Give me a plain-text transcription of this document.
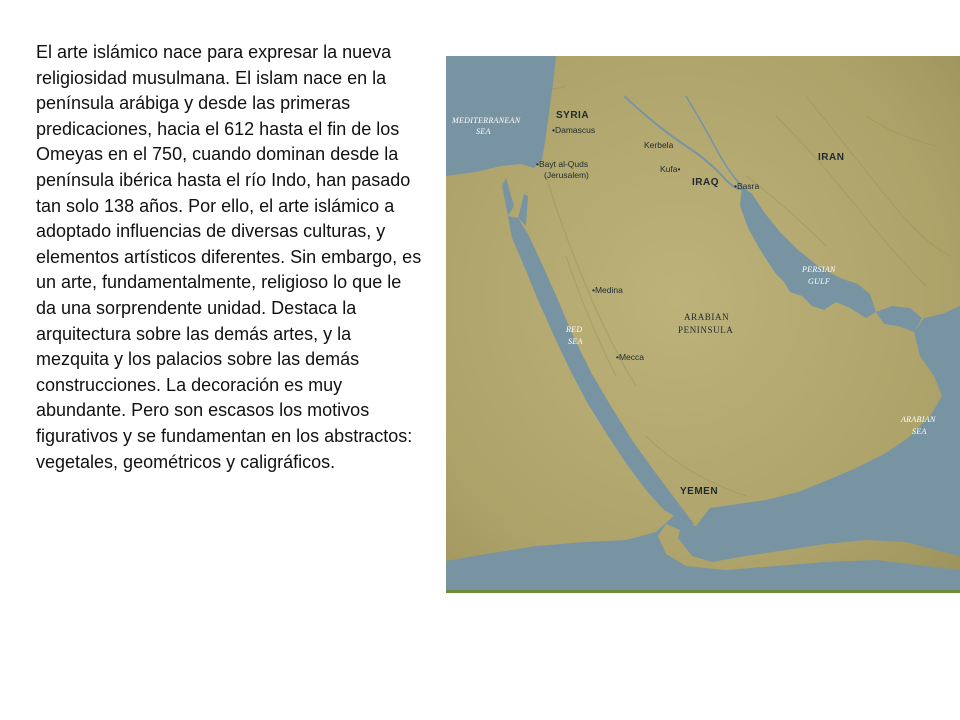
El arte islámico nace para expresar la nueva religiosidad musulmana. El islam nace en la península arábiga y desde las primeras predicaciones, hacia el 612 hasta el fin de los Omeyas en el 750, cuando dominan desde la península ibérica hasta el río Indo, han pasado tan solo 138 años. Por ello, el arte islámico a adoptado influencias de diversas culturas, y elementos artísticos diferentes. Sin embargo, es un arte, fundamentalmente, religioso lo que le da una sorprendente unidad. Destaca la arquitectura sobre las demás artes, y la mezquita y los palacios sobre las demás construcciones. La decoración es muy abundante. Pero son escasos los motivos figurativos y se fundamentan en los abstractos: vegetales, geométricos y caligráficos.

MEDITERRANEAN
SEA
RED
SEA
PERSIAN
GULF
ARABIAN
SEA
SYRIA
IRAQ
IRAN
YEMEN
•Damascus
•Bayt al-Quds
(Jerusalem)
Kerbela
Kufa•
•Basra
•Medina
•Mecca
ARABIAN
PENINSULA
